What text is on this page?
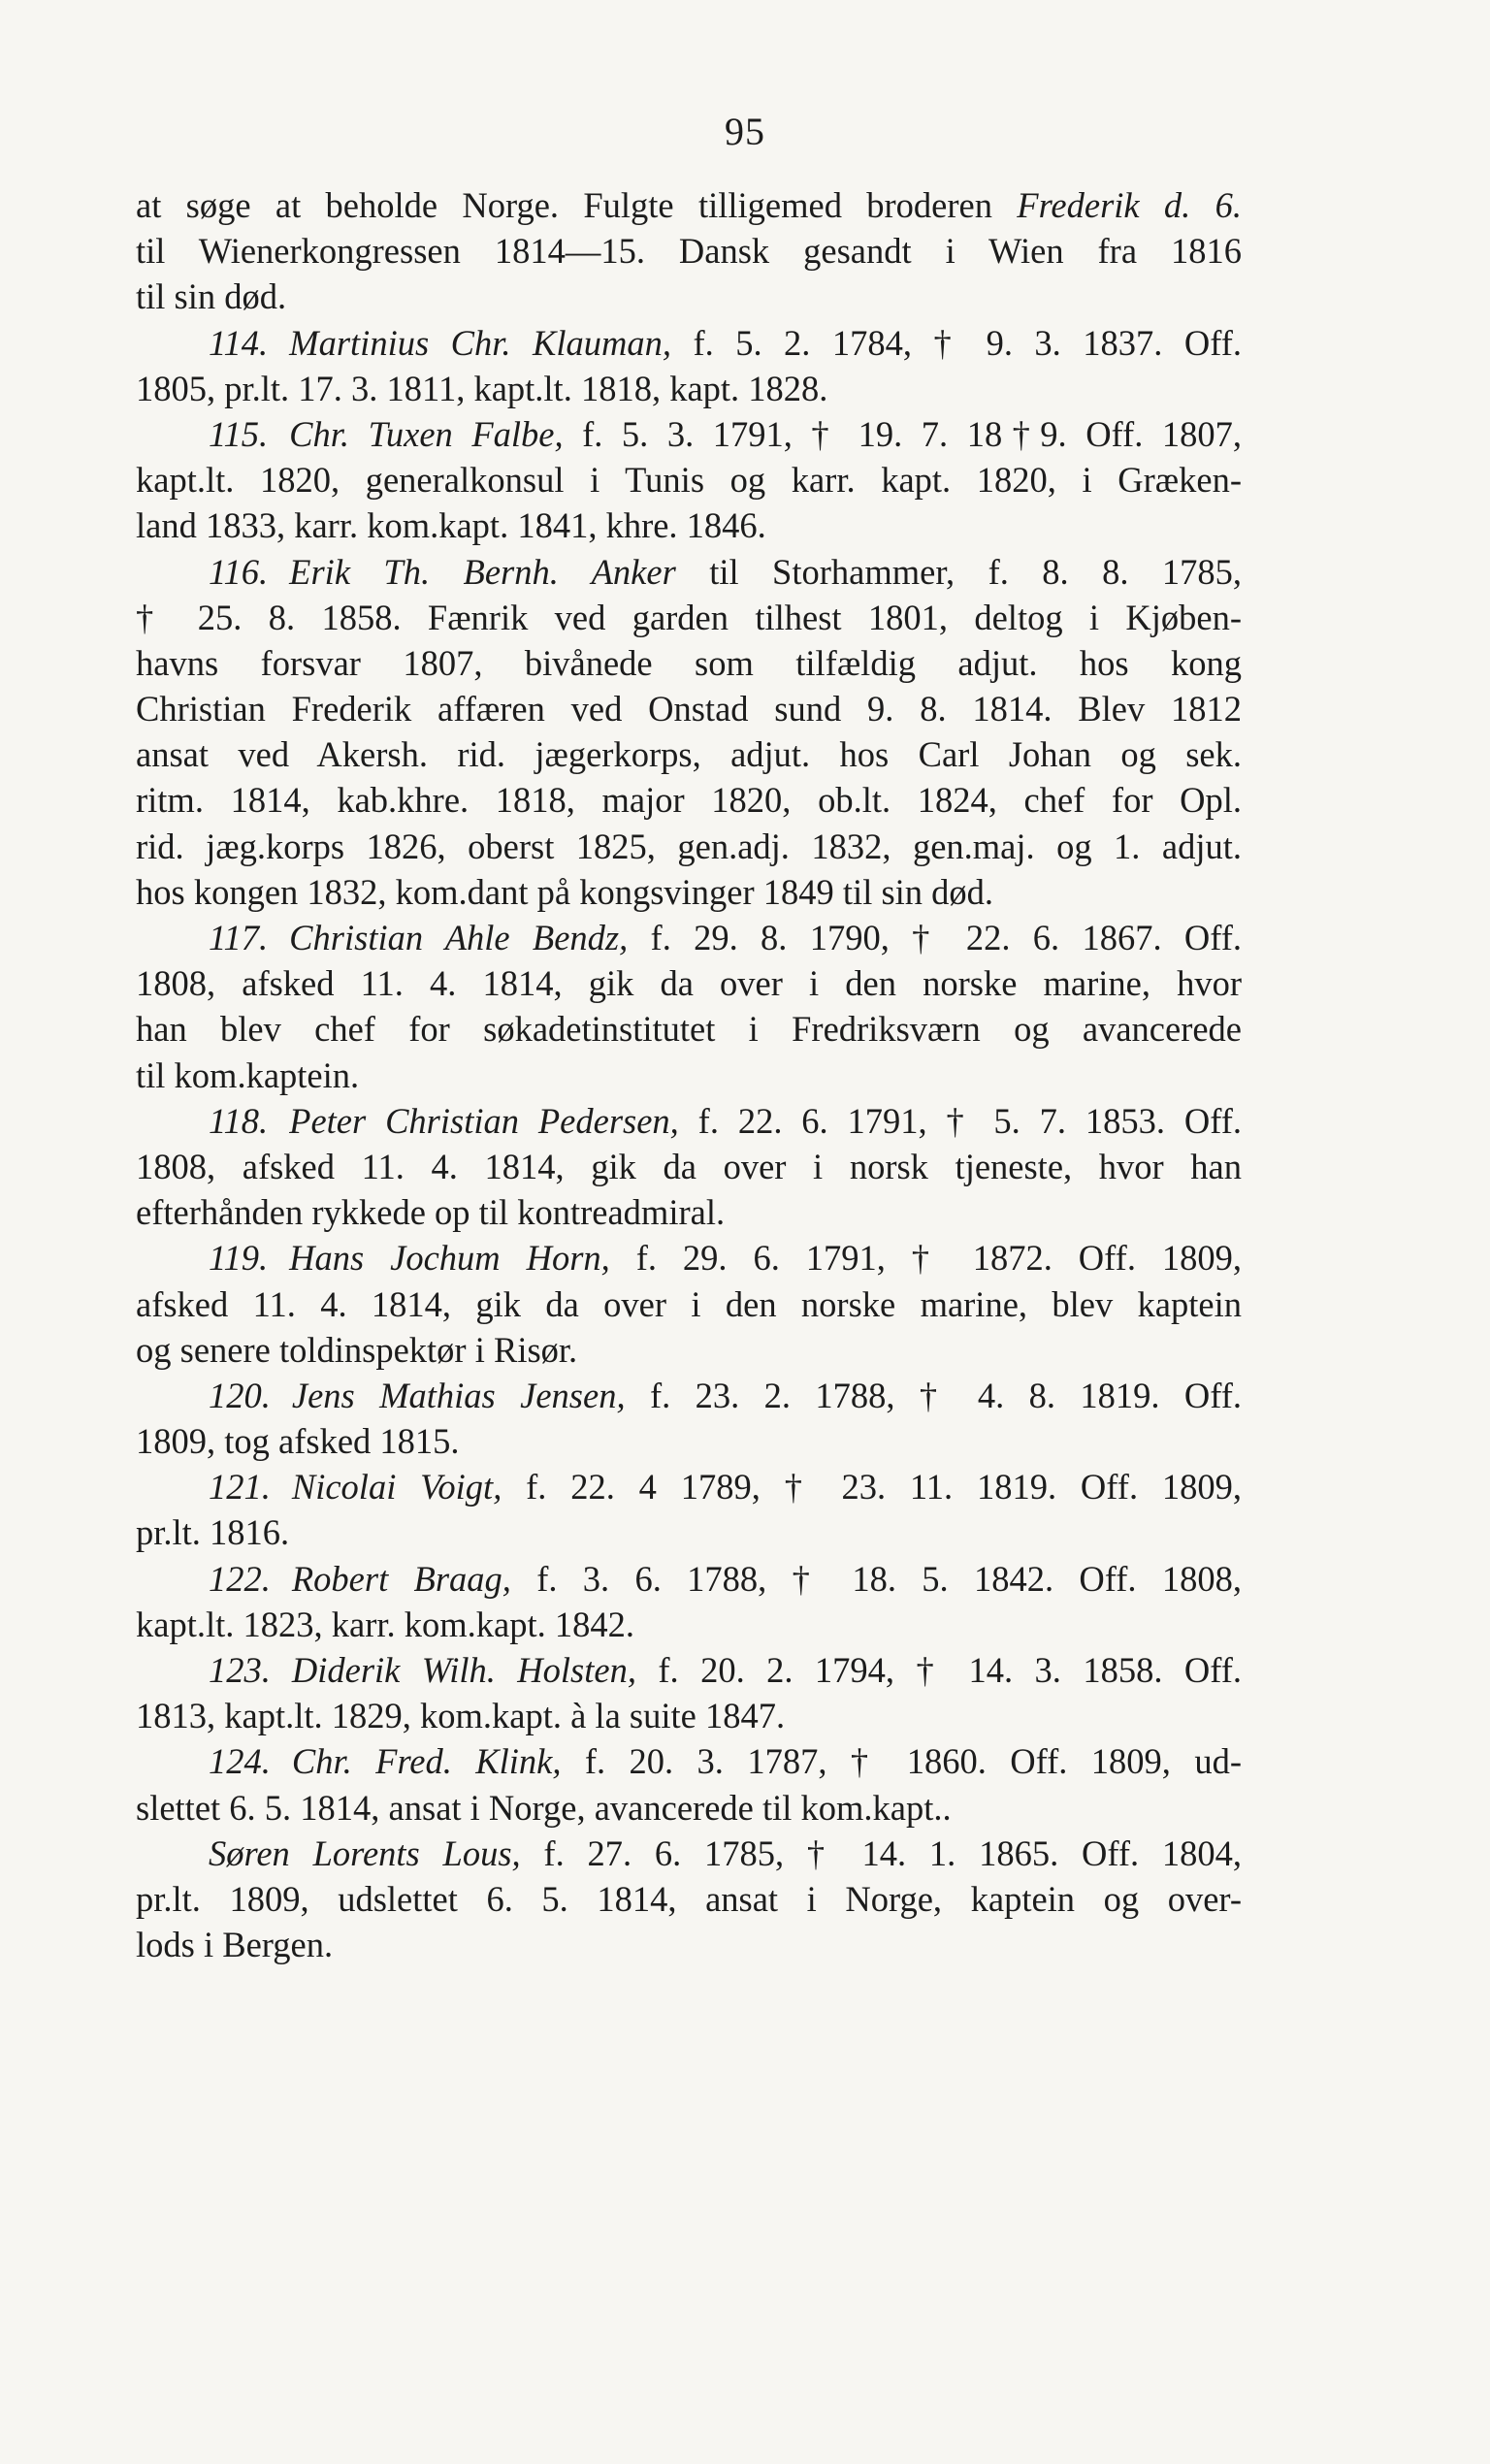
95
at søge at beholde Norge. Fulgte tilligemed broderen Frederik d. 6.
til Wienerkongressen 1814—15. Dansk gesandt i Wien fra 1816
til sin død.
114. Martinius Chr. Klauman, f. 5. 2. 1784, † 9. 3. 1837. Off.
1805, pr.lt. 17. 3. 1811, kapt.lt. 1818, kapt. 1828.
115. Chr. Tuxen Falbe, f. 5. 3. 1791, † 19. 7. 18†9. Off. 1807,
kapt.lt. 1820, generalkonsul i Tunis og karr. kapt. 1820, i Græken-
land 1833, karr. kom.kapt. 1841, khre. 1846.
116. Erik Th. Bernh. Anker til Storhammer, f. 8. 8. 1785,
† 25. 8. 1858. Fænrik ved garden tilhest 1801, deltog i Kjøben-
havns forsvar 1807, bivånede som tilfældig adjut. hos kong
Christian Frederik affæren ved Onstad sund 9. 8. 1814. Blev 1812
ansat ved Akersh. rid. jægerkorps, adjut. hos Carl Johan og sek.
ritm. 1814, kab.khre. 1818, major 1820, ob.lt. 1824, chef for Opl.
rid. jæg.korps 1826, oberst 1825, gen.adj. 1832, gen.maj. og 1. adjut.
hos kongen 1832, kom.dant på kongsvinger 1849 til sin død.
117. Christian Ahle Bendz, f. 29. 8. 1790, † 22. 6. 1867. Off.
1808, afsked 11. 4. 1814, gik da over i den norske marine, hvor
han blev chef for søkadetinstitutet i Fredriksværn og avancerede
til kom.kaptein.
118. Peter Christian Pedersen, f. 22. 6. 1791, † 5. 7. 1853. Off.
1808, afsked 11. 4. 1814, gik da over i norsk tjeneste, hvor han
efterhånden rykkede op til kontreadmiral.
119. Hans Jochum Horn, f. 29. 6. 1791, † 1872. Off. 1809,
afsked 11. 4. 1814, gik da over i den norske marine, blev kaptein
og senere toldinspektør i Risør.
120. Jens Mathias Jensen, f. 23. 2. 1788, † 4. 8. 1819. Off.
1809, tog afsked 1815.
121. Nicolai Voigt, f. 22. 4 1789, † 23. 11. 1819. Off. 1809,
pr.lt. 1816.
122. Robert Braag, f. 3. 6. 1788, † 18. 5. 1842. Off. 1808,
kapt.lt. 1823, karr. kom.kapt. 1842.
123. Diderik Wilh. Holsten, f. 20. 2. 1794, † 14. 3. 1858. Off.
1813, kapt.lt. 1829, kom.kapt. à la suite 1847.
124. Chr. Fred. Klink, f. 20. 3. 1787, † 1860. Off. 1809, ud-
slettet 6. 5. 1814, ansat i Norge, avancerede til kom.kapt..
Søren Lorents Lous, f. 27. 6. 1785, † 14. 1. 1865. Off. 1804,
pr.lt. 1809, udslettet 6. 5. 1814, ansat i Norge, kaptein og over-
lods i Bergen.
